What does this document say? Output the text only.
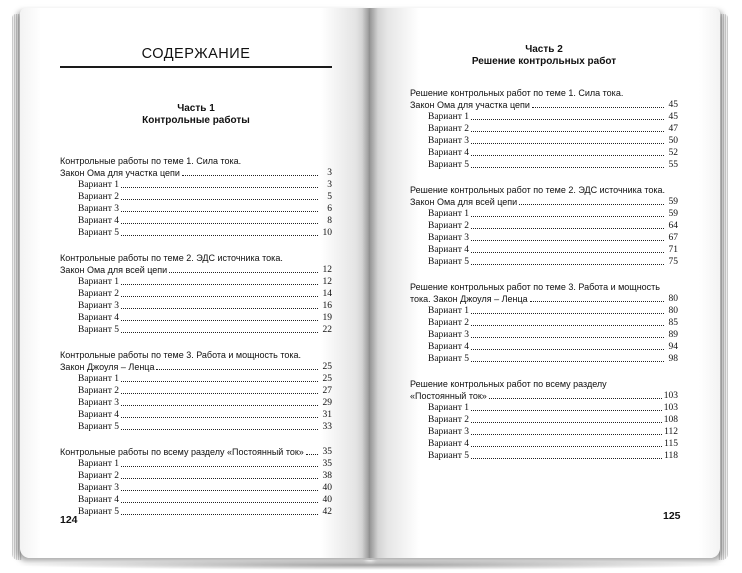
СОДЕРЖАНИЕ
Часть 1
Контрольные работы
Контрольные работы по теме 1. Сила тока.
Закон Ома для участка цепи	3
Вариант 1	3
Вариант 2	5
Вариант 3	6
Вариант 4	8
Вариант 5	10
Контрольные работы по теме 2. ЭДС источника тока.
Закон Ома для всей цепи	12
Вариант 1	12
Вариант 2	14
Вариант 3	16
Вариант 4	19
Вариант 5	22
Контрольные работы по теме 3. Работа и мощность тока.
Закон Джоуля – Ленца	25
Вариант 1	25
Вариант 2	27
Вариант 3	29
Вариант 4	31
Вариант 5	33
Контрольные работы по всему разделу «Постоянный ток» 35
Вариант 1	35
Вариант 2	38
Вариант 3	40
Вариант 4	40
Вариант 5	42
124
Часть 2
Решение контрольных работ
Решение контрольных работ по теме 1. Сила тока.
Закон Ома для участка цепи	45
Вариант 1	45
Вариант 2	47
Вариант 3	50
Вариант 4	52
Вариант 5	55
Решение контрольных работ по теме 2. ЭДС источника тока.
Закон Ома для всей цепи	59
Вариант 1	59
Вариант 2	64
Вариант 3	67
Вариант 4	71
Вариант 5	75
Решение контрольных работ по теме 3. Работа и мощность
тока. Закон Джоуля – Ленца	80
Вариант 1	80
Вариант 2	85
Вариант 3	89
Вариант 4	94
Вариант 5	98
Решение контрольных работ по всему разделу
«Постоянный ток»	103
Вариант 1	103
Вариант 2	108
Вариант 3	112
Вариант 4	115
Вариант 5	118
125
